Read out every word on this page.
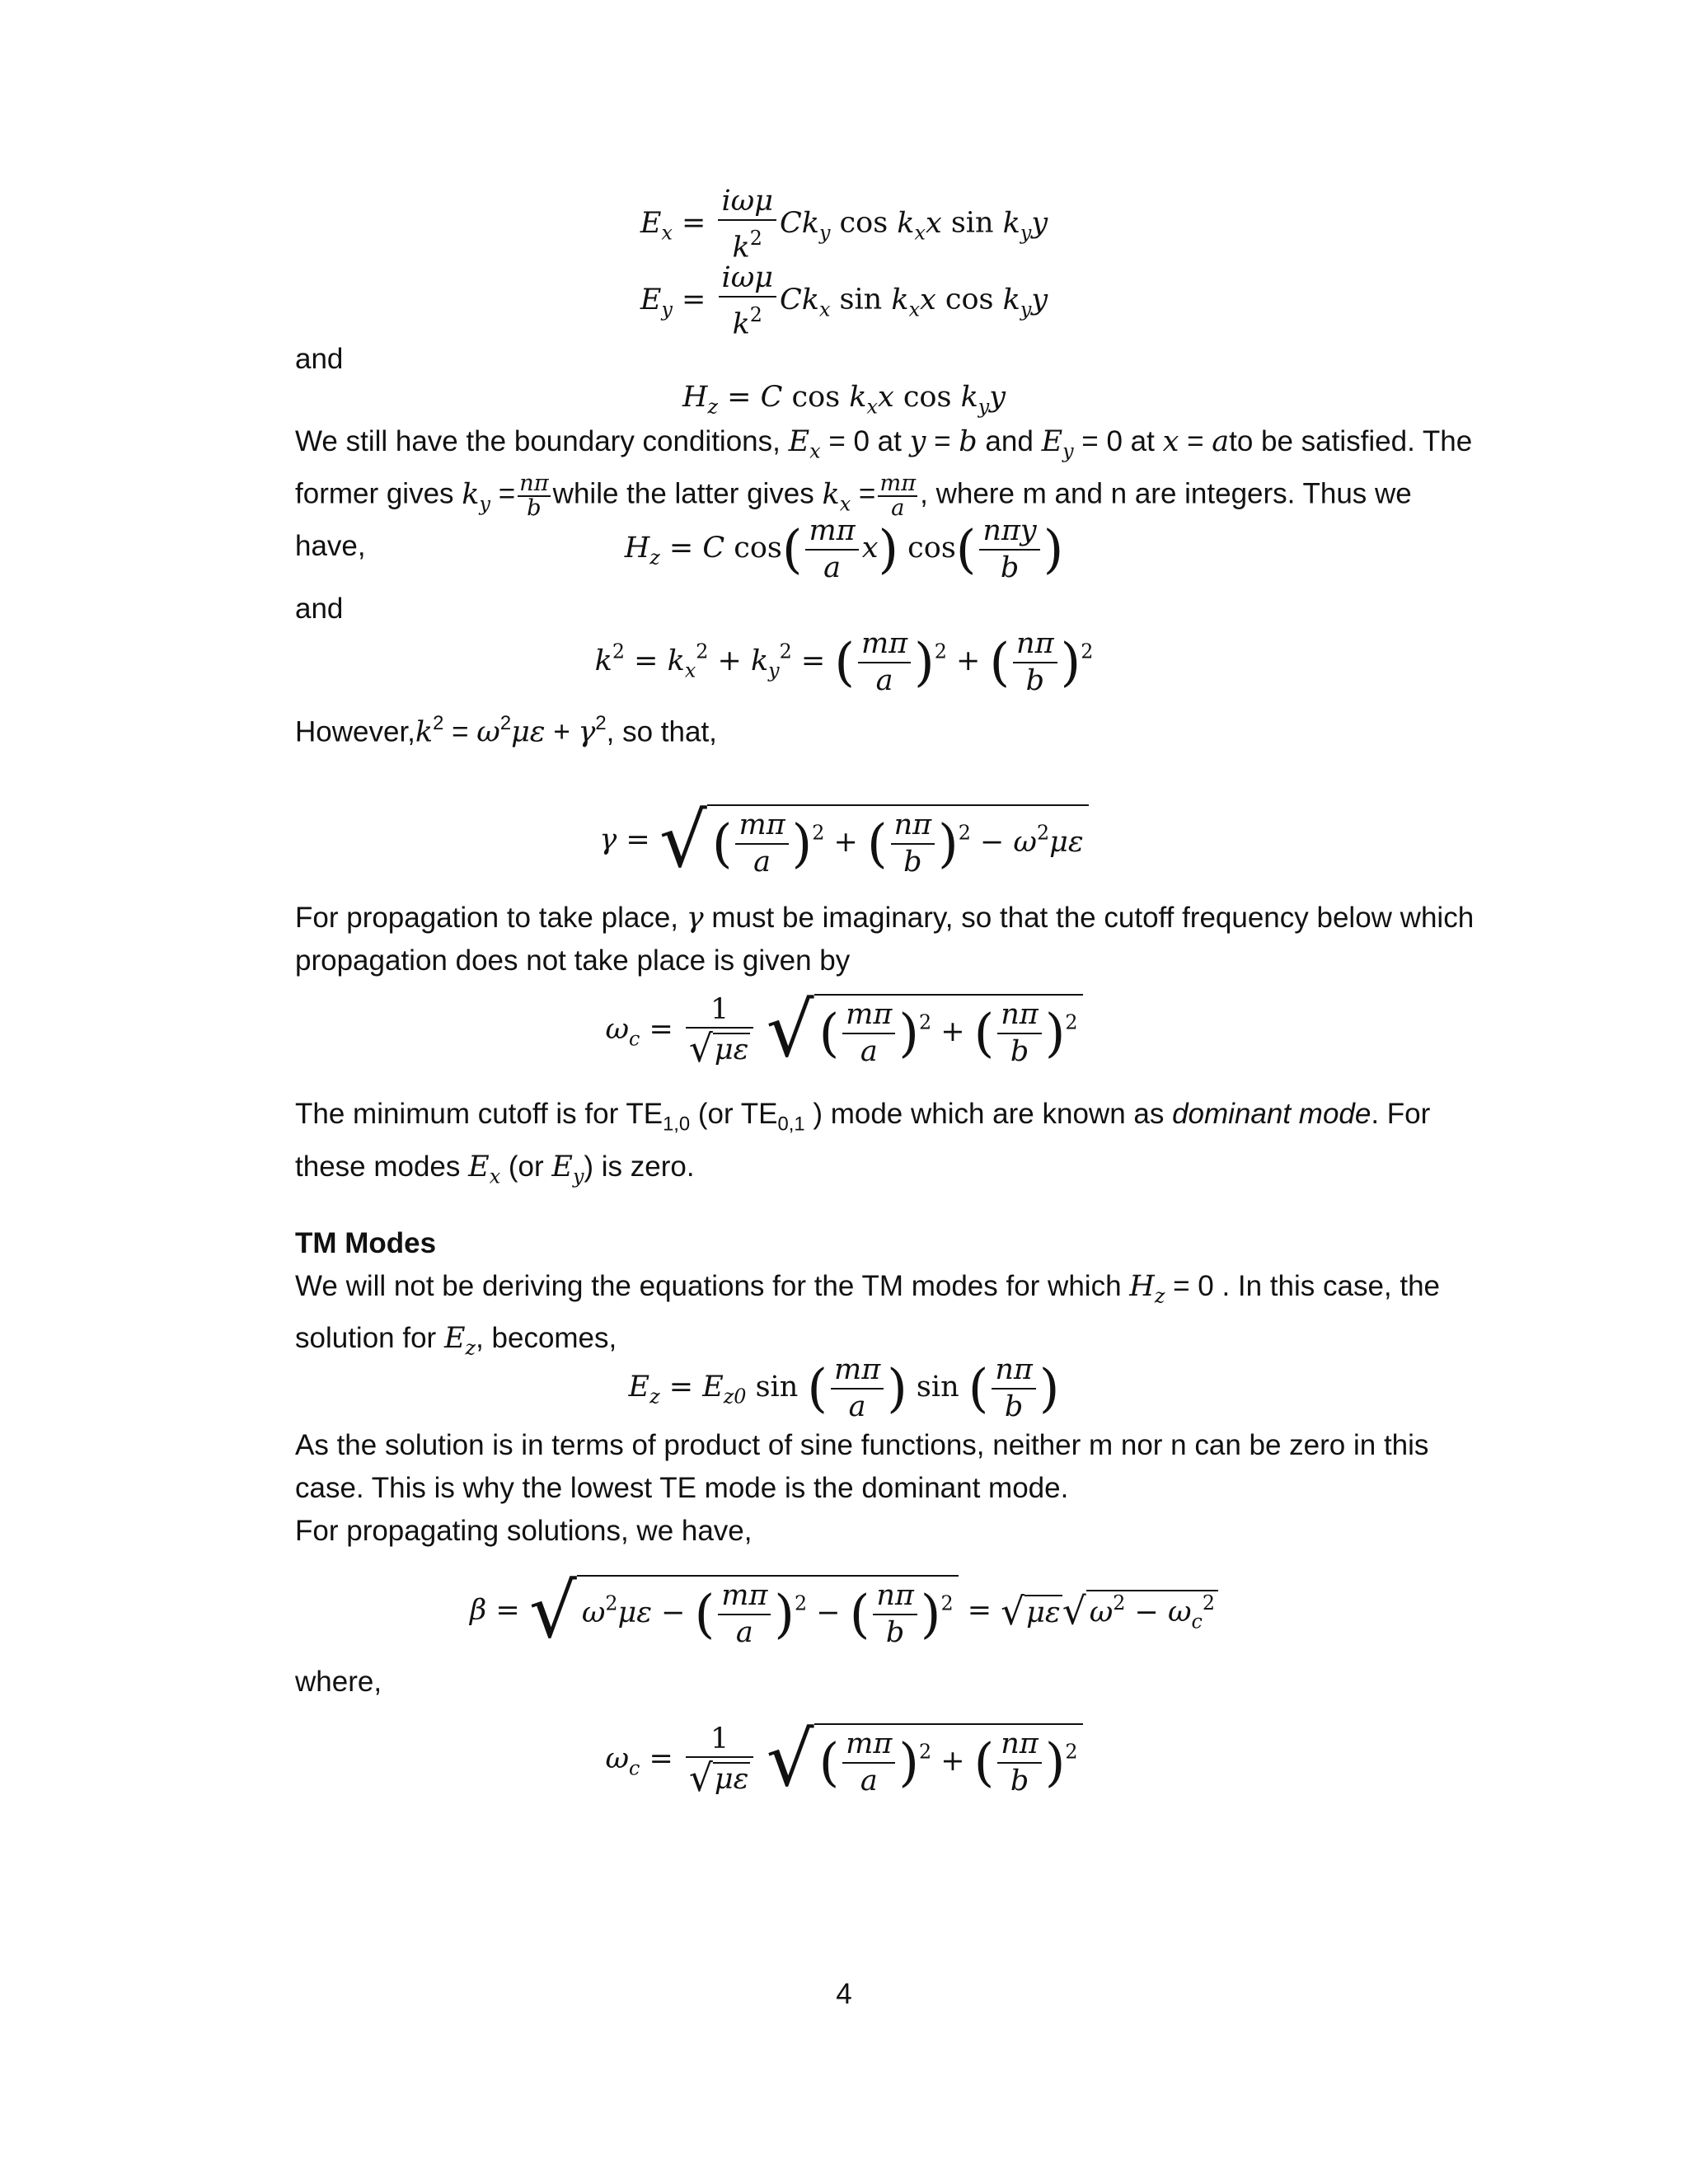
$E_x = \frac{\text{iωμ}}{k^2} Ck_y$ $\cos k_xx$ $\sin k_yy$
$E_y = \frac{\text{iωμ}}{k^2} Ck_x$ $\sin k_xx$ $\cos k_yy$

and

$H_z = C$ $\cos k_xx$ $\cos k_yy$

We still have the boundary conditions, $E_x = 0$ at y = b and $E_y = 0$ at x = ato be satisfied. The
former gives $k_y = \frac{n\pi}{b}$ while the latter gives $k_x = \frac{m\pi}{a}$ , where m and n are integers. Thus we have,	$H_z = C$ $\cos( \frac{m\pi}{a} x)$ $\cos( \frac{\text{nπy}}{b}$ )

and

$k^2 = k_x^2 + k_y^2$ = ( $\frac{m\pi}{a} )^2$ + ( $\frac{n\pi}{b} )^2$

$However,k^2 = \omega^2\mu\varepsilon + \gamma^2$, so that,

γ = √( $\frac{m\pi}{a} )^2$ + ( $\frac{n\pi}{b} )^2 - \omega^2\mu\varepsilon$

For propagation to take place, γ must be imaginary, so that the cutoff frequency below which propagation does not take place is given by

$\omega_c = \frac{1}{√\mu\varepsilon}$ √( $\frac{m\pi}{a} )^2$ + ( $\frac{n\pi}{b} )^2$

The minimum cutoff is for $TE_{1,0}$ (or $TE_{0,1}$ ) mode which are known as dominant mode. For these modes $E_x$ (or $E_y$) is zero.

TM Modes

We will not be deriving the equations for the TM modes for which $H_z = 0$ . In this case, the solution for $E_z$, becomes,

$E_z = E_{z0}$ sin ( $\frac{m\pi}{a}$ ) sin ( $\frac{n\pi}{b}$ )

As the solution is in terms of product of sine functions, neither m nor n can be zero in this case. This is why the lowest TE mode is the dominant mode.

For propagating solutions, we have,

β = √ $\omega^2\mu\varepsilon$ − ( $\frac{m\pi}{a} )^2$ − ( $\frac{n\pi}{b} )^2 = √\mu\varepsilon√$ $\omega^2 - \omega_c^2$

where,

$\omega_c = \frac{1}{√\mu\varepsilon}$ √( $\frac{m\pi}{a} )^2$ + ( $\frac{n\pi}{b} )^2$
4
